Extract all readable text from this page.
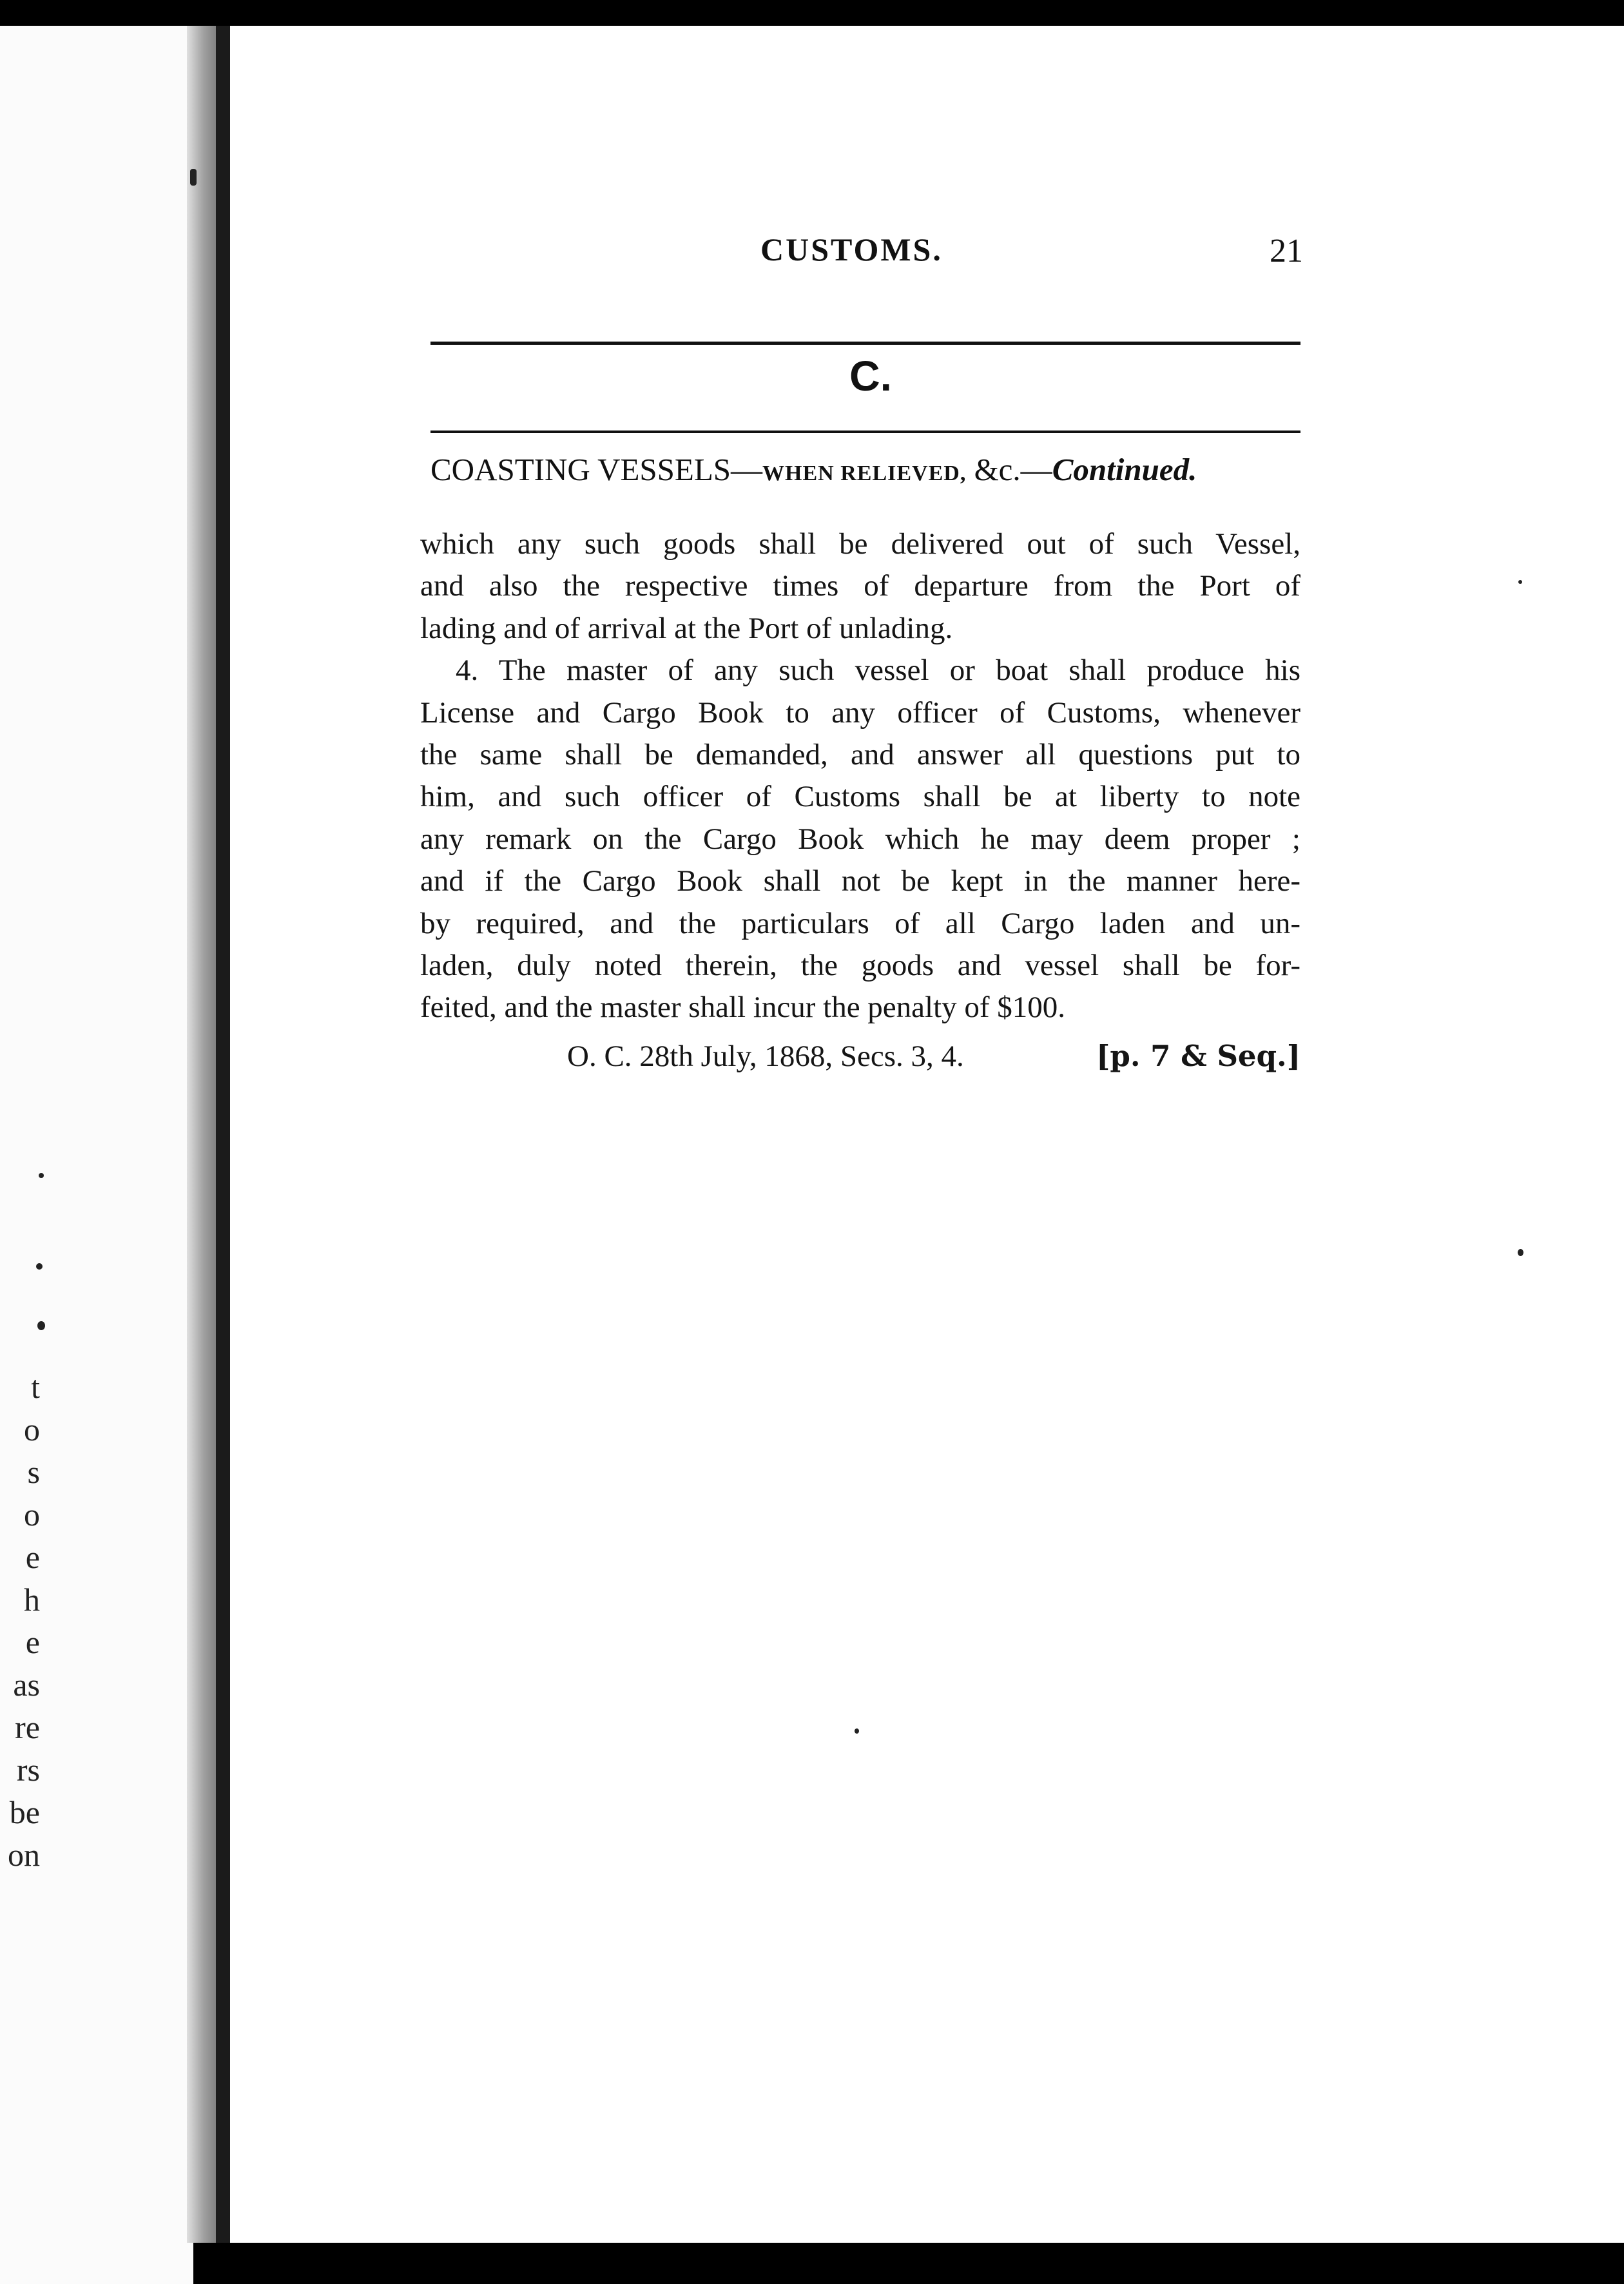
t
o
s
o
e
h
e
as
re
rs
be
on
CUSTOMS.	21
C.
COASTING VESSELS—WHEN RELIEVED, &c.—Continued.
which any such goods shall be delivered out of such Vessel,
and also the respective times of departure from the Port of
lading and of arrival at the Port of unlading.
4. The master of any such vessel or boat shall produce his
License and Cargo Book to any officer of Customs, whenever
the same shall be demanded, and answer all questions put to
him, and such officer of Customs shall be at liberty to note
any remark on the Cargo Book which he may deem proper ;
and if the Cargo Book shall not be kept in the manner here-
by required, and the particulars of all Cargo laden and un-
laden, duly noted therein, the goods and vessel shall be for-
feited, and the master shall incur the penalty of $100.
O. C. 28th July, 1868, Secs. 3, 4.	[p. 7 & Seq.]
